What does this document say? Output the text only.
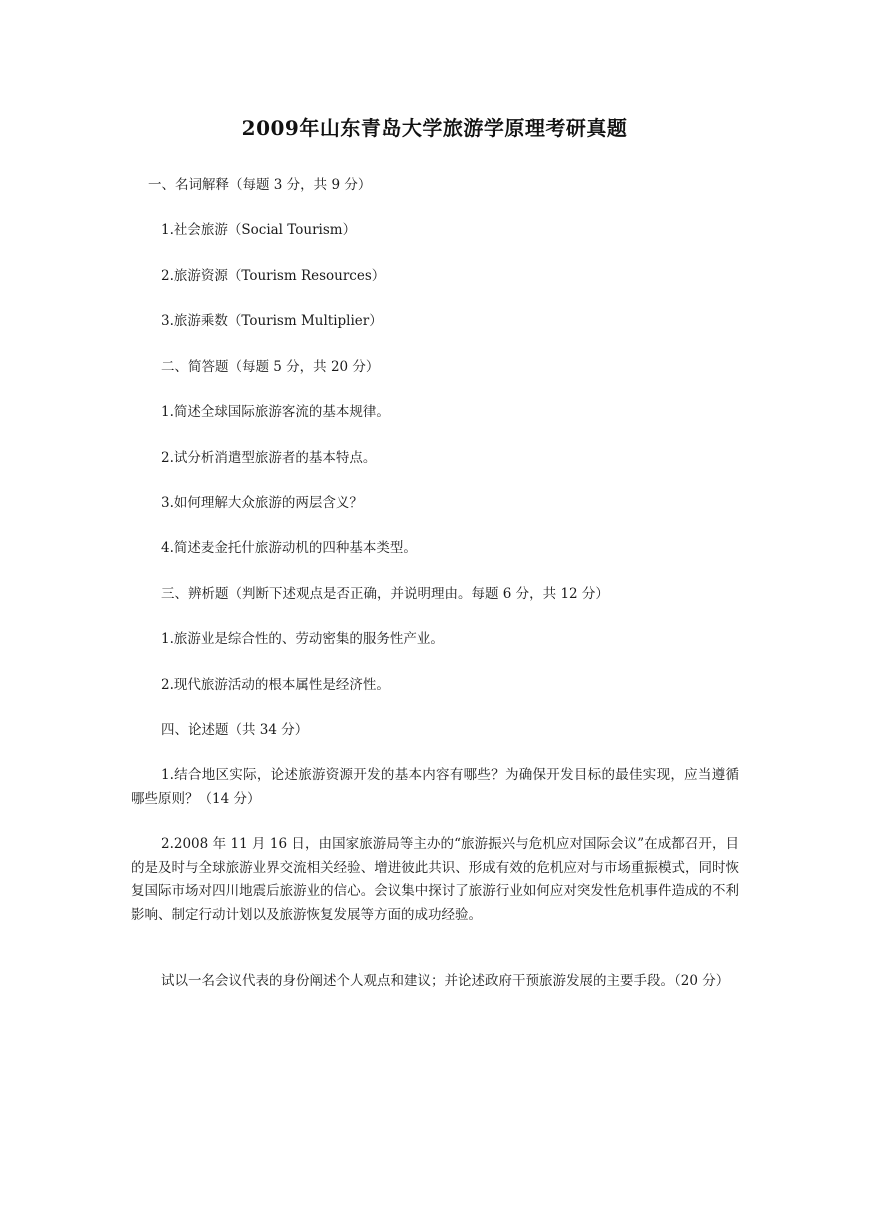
2009年山东青岛大学旅游学原理考研真题
一、名词解释（每题 3 分，共 9 分）
1.社会旅游（Social Tourism）
2.旅游资源（Tourism Resources）
3.旅游乘数（Tourism Multiplier）
二、简答题（每题 5 分，共 20 分）
1.简述全球国际旅游客流的基本规律。
2.试分析消遣型旅游者的基本特点。
3.如何理解大众旅游的两层含义？
4.简述麦金托什旅游动机的四种基本类型。
三、辨析题（判断下述观点是否正确，并说明理由。每题 6 分，共 12 分）
1.旅游业是综合性的、劳动密集的服务性产业。
2.现代旅游活动的根本属性是经济性。
四、论述题（共 34 分）
1.结合地区实际，论述旅游资源开发的基本内容有哪些？为确保开发目标的最佳实现，应当遵循哪些原则？（14 分）
2.2008 年 11 月 16 日，由国家旅游局等主办的“旅游振兴与危机应对国际会议”在成都召开，目的是及时与全球旅游业界交流相关经验、增进彼此共识、形成有效的危机应对与市场重振模式，同时恢复国际市场对四川地震后旅游业的信心。会议集中探讨了旅游行业如何应对突发性危机事件造成的不利影响、制定行动计划以及旅游恢复发展等方面的成功经验。
试以一名会议代表的身份阐述个人观点和建议；并论述政府干预旅游发展的主要手段。（20 分）
